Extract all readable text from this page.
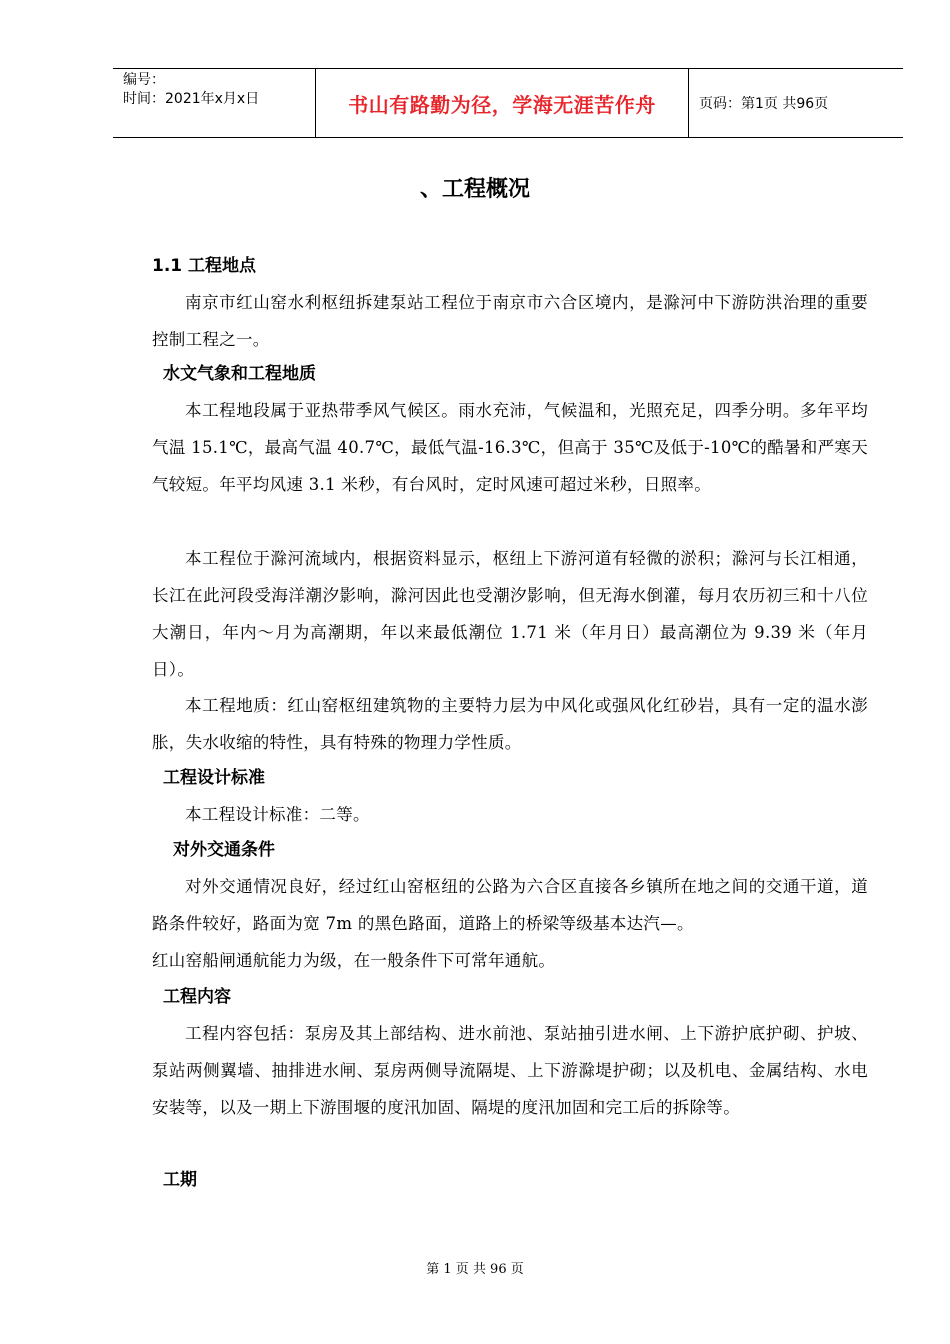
编号：
时间：2021年x月x日	书山有路勤为径，学海无涯苦作舟	页码：第1页 共96页
、工程概况
1.1 工程地点
南京市红山窑水利枢纽拆建泵站工程位于南京市六合区境内，是滁河中下游防洪治理的重要控制工程之一。
水文气象和工程地质
本工程地段属于亚热带季风气候区。雨水充沛，气候温和，光照充足，四季分明。多年平均气温 15.1℃，最高气温 40.7℃，最低气温-16.3℃，但高于 35℃及低于-10℃的酷暑和严寒天气较短。年平均风速 3.1 米秒，有台风时，定时风速可超过米秒，日照率。
本工程位于滁河流域内，根据资料显示，枢纽上下游河道有轻微的淤积；滁河与长江相通，长江在此河段受海洋潮汐影响，滁河因此也受潮汐影响，但无海水倒灌，每月农历初三和十八位大潮日，年内～月为高潮期，年以来最低潮位 1.71 米（年月日）最高潮位为 9.39 米（年月日）。
本工程地质：红山窑枢纽建筑物的主要特力层为中风化或强风化红砂岩，具有一定的温水澎胀，失水收缩的特性，具有特殊的物理力学性质。
工程设计标准
本工程设计标准：二等。
对外交通条件
对外交通情况良好，经过红山窑枢纽的公路为六合区直接各乡镇所在地之间的交通干道，道路条件较好，路面为宽 7m 的黑色路面，道路上的桥梁等级基本达汽—。
红山窑船闸通航能力为级，在一般条件下可常年通航。
工程内容
工程内容包括：泵房及其上部结构、进水前池、泵站抽引进水闸、上下游护底护砌、护坡、泵站两侧翼墙、抽排进水闸、泵房两侧导流隔堤、上下游滁堤护砌；以及机电、金属结构、水电安装等，以及一期上下游围堰的度汛加固、隔堤的度汛加固和完工后的拆除等。
工期
第 1 页 共 96 页
